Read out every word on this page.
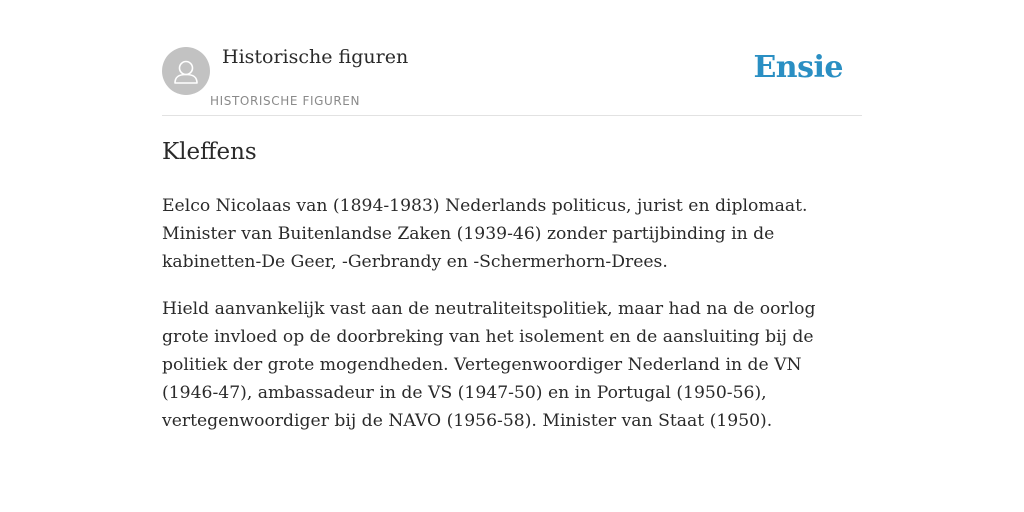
Historische figuren
HISTORISCHE FIGUREN
Ensie
Kleffens

Eelco Nicolaas van (1894-1983) Nederlands politicus, jurist en diplomaat. Minister van Buitenlandse Zaken (1939-46) zonder partijbinding in de kabinetten-De Geer, -Gerbrandy en -Schermerhorn-Drees.

Hield aanvankelijk vast aan de neutraliteitspolitiek, maar had na de oorlog grote invloed op de doorbreking van het isolement en de aansluiting bij de politiek der grote mogendheden. Vertegenwoordiger Nederland in de VN (1946-47), ambassadeur in de VS (1947-50) en in Portugal (1950-56), vertegenwoordiger bij de NAVO (1956-58). Minister van Staat (1950).
